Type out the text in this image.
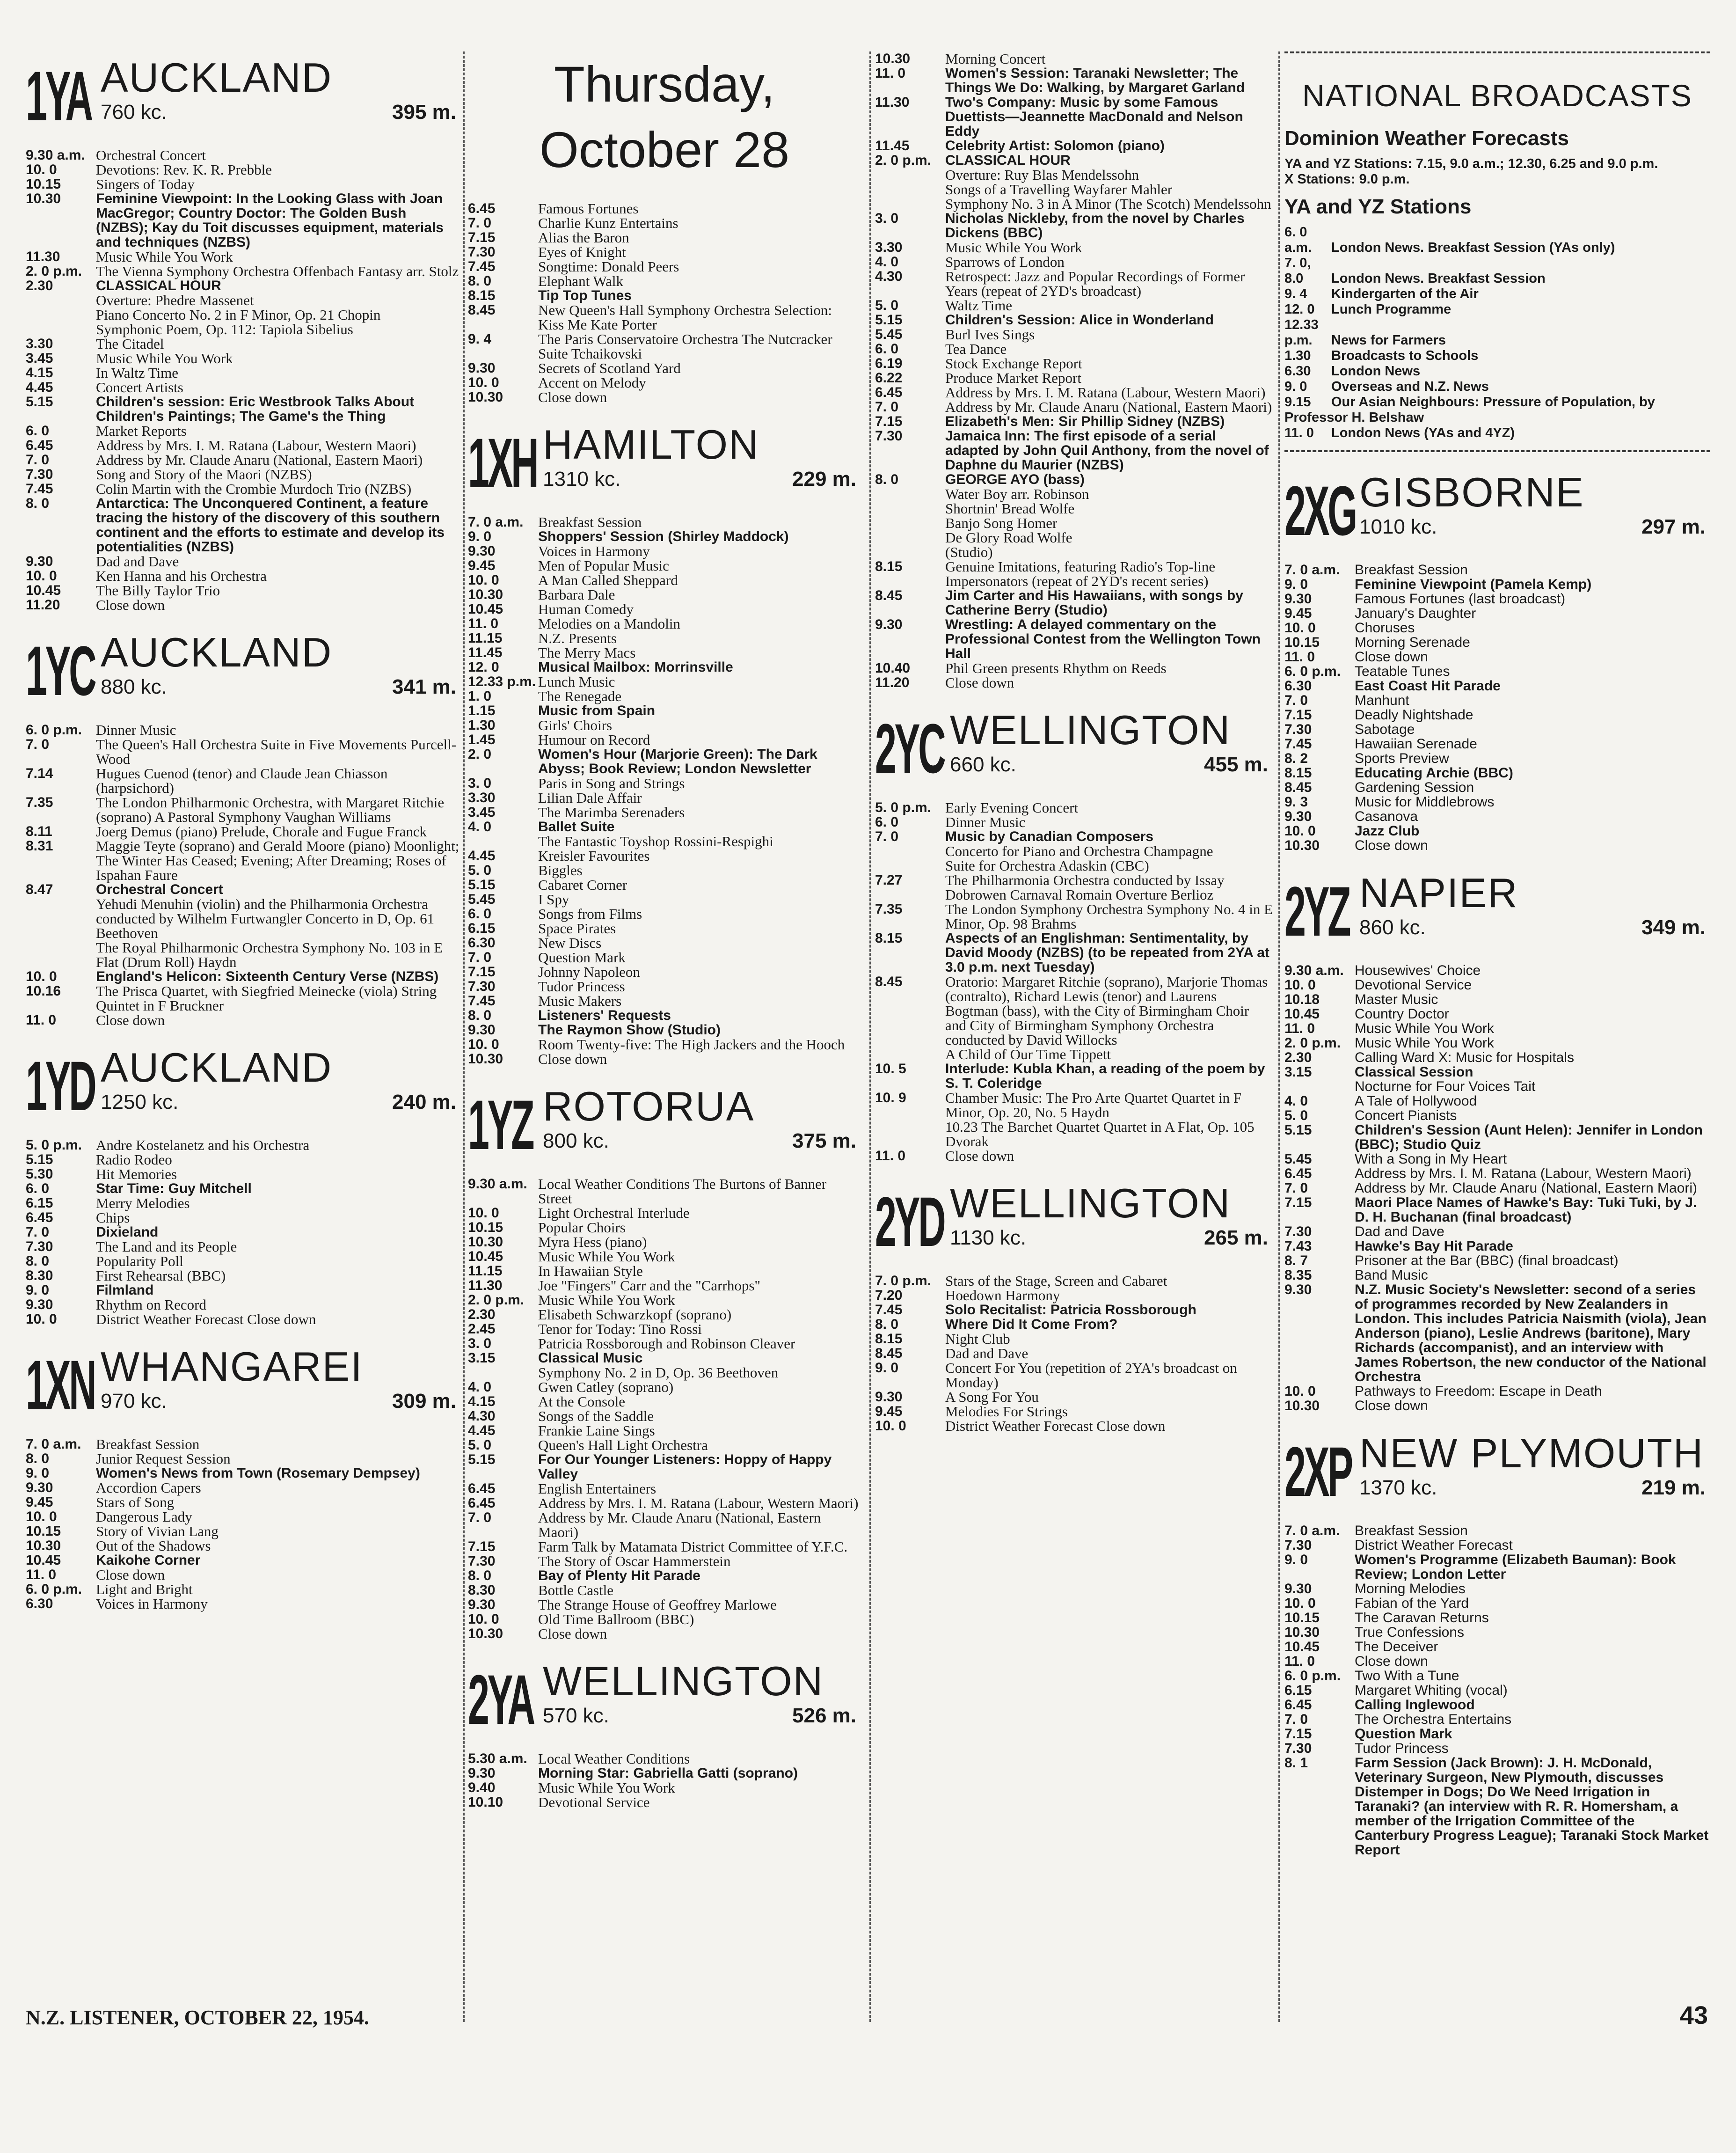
1YA AUCKLAND
760 kc.	395 m.
9.30 a.m. Orchestral Concert
10. 0	Devotions: Rev. K. R. Prebble
10.15	Singers of Today
10.30	Feminine Viewpoint: In the Looking Glass with Joan MacGregor; Country Doctor: The Golden Bush (NZBS); Kay du Toit discusses equipment, materials and techniques (NZBS)
11.30	Music While You Work
2. 0 p.m. The Vienna Symphony Orchestra Offenbach Fantasy arr. Stolz
2.30	CLASSICAL HOUR
Overture: Phedre Massenet
Piano Concerto No. 2 in F Minor, Op. 21 Chopin
Symphonic Poem, Op. 112: Tapiola Sibelius
3.30	The Citadel
3.45	Music While You Work
4.15	In Waltz Time
4.45	Concert Artists
5.15	Children's session: Eric Westbrook Talks About Children's Paintings; The Game's the Thing
6. 0	Market Reports
6.45	Address by Mrs. I. M. Ratana (Labour, Western Maori)
7. 0	Address by Mr. Claude Anaru (National, Eastern Maori)
7.30	Song and Story of the Maori (NZBS)
7.45	Colin Martin with the Crombie Murdoch Trio (NZBS)
8. 0	Antarctica: The Unconquered Continent, a feature tracing the history of the discovery of this southern continent and the efforts to estimate and develop its potentialities (NZBS)
9.30	Dad and Dave
10. 0	Ken Hanna and his Orchestra
10.45	The Billy Taylor Trio
11.20	Close down
1YC AUCKLAND
880 kc.	341 m.
6. 0 p.m. Dinner Music
7. 0	The Queen's Hall Orchestra Suite in Five Movements Purcell-Wood
7.14	Hugues Cuenod (tenor) and Claude Jean Chiasson (harpsichord)
7.35	The London Philharmonic Orchestra, with Margaret Ritchie (soprano) A Pastoral Symphony Vaughan Williams
8.11	Joerg Demus (piano) Prelude, Chorale and Fugue Franck
8.31	Maggie Teyte (soprano) and Gerald Moore (piano) Moonlight; The Winter Has Ceased; Evening; After Dreaming; Roses of Ispahan Faure
8.47	Orchestral Concert
Yehudi Menuhin (violin) and the Philharmonia Orchestra conducted by Wilhelm Furtwangler Concerto in D, Op. 61 Beethoven
The Royal Philharmonic Orchestra Symphony No. 103 in E Flat (Drum Roll) Haydn
10. 0	England's Helicon: Sixteenth Century Verse (NZBS)
10.16	The Prisca Quartet, with Siegfried Meinecke (viola) String Quintet in F Bruckner
11. 0	Close down
1YD AUCKLAND
1250 kc.	240 m.
5. 0 p.m. Andre Kostelanetz and his Orchestra
5.15	Radio Rodeo
5.30	Hit Memories
6. 0	Star Time: Guy Mitchell
6.15	Merry Melodies
6.45	Chips
7. 0	Dixieland
7.30	The Land and its People
8. 0	Popularity Poll
8.30	First Rehearsal (BBC)
9. 0	Filmland
9.30	Rhythm on Record
10. 0	District Weather Forecast Close down
1XN WHANGAREI
970 kc.	309 m.
7. 0 a.m.	Breakfast Session
8. 0	Junior Request Session
9. 0	Women's News from Town (Rosemary Dempsey)
9.30	Accordion Capers
9.45	Stars of Song
10. 0	Dangerous Lady
10.15	Story of Vivian Lang
10.30	Out of the Shadows
10.45	Kaikohe Corner
11. 0	Close down
6. 0 p.m. Light and Bright
6.30	Voices in Harmony
Thursday, October 28
6.45	Famous Fortunes
7. 0	Charlie Kunz Entertains
7.15	Alias the Baron
7.30	Eyes of Knight
7.45	Songtime: Donald Peers
8. 0	Elephant Walk
8.15	Tip Top Tunes
8.45	New Queen's Hall Symphony Orchestra Selection: Kiss Me Kate Porter
9. 4	The Paris Conservatoire Orchestra The Nutcracker Suite Tchaikovski
9.30	Secrets of Scotland Yard
10. 0	Accent on Melody
10.30	Close down
1XH HAMILTON
1310 kc.	229 m.
7. 0 a.m.	Breakfast Session
9. 0	Shoppers' Session (Shirley Maddock)
9.30	Voices in Harmony
9.45	Men of Popular Music
10. 0	A Man Called Sheppard
10.30	Barbara Dale
10.45	Human Comedy
11. 0	Melodies on a Mandolin
11.15	N.Z. Presents
11.45	The Merry Macs
12. 0	Musical Mailbox: Morrinsville
12.33 p.m. Lunch Music
1. 0	The Renegade
1.15	Music from Spain
1.30	Girls' Choirs
1.45	Humour on Record
2. 0	Women's Hour (Marjorie Green): The Dark Abyss; Book Review; London Newsletter
3. 0	Paris in Song and Strings
3.30	Lilian Dale Affair
3.45	The Marimba Serenaders
4. 0	Ballet Suite
The Fantastic Toyshop Rossini-Respighi
4.45	Kreisler Favourites
5. 0	Biggles
5.15	Cabaret Corner
5.45	I Spy
6. 0	Songs from Films
6.15	Space Pirates
6.30	New Discs
7. 0	Question Mark
7.15	Johnny Napoleon
7.30	Tudor Princess
7.45	Music Makers
8. 0	Listeners' Requests
9.30	The Raymon Show (Studio)
10. 0	Room Twenty-five: The High Jackers and the Hooch
10.30	Close down
1YZ ROTORUA
800 kc.	375 m.
9.30 a.m. Local Weather Conditions The Burtons of Banner Street
10. 0	Light Orchestral Interlude
10.15	Popular Choirs
10.30	Myra Hess (piano)
10.45	Music While You Work
11.15	In Hawaiian Style
11.30	Joe "Fingers" Carr and the "Carrhops"
2. 0 p.m. Music While You Work
2.30	Elisabeth Schwarzkopf (soprano)
2.45	Tenor for Today: Tino Rossi
3. 0	Patricia Rossborough and Robinson Cleaver
3.15	Classical Music
Symphony No. 2 in D, Op. 36 Beethoven
4. 0	Gwen Catley (soprano)
4.15	At the Console
4.30	Songs of the Saddle
4.45	Frankie Laine Sings
5. 0	Queen's Hall Light Orchestra
5.15	For Our Younger Listeners: Hoppy of Happy Valley
6.45	English Entertainers
6.45	Address by Mrs. I. M. Ratana (Labour, Western Maori)
7. 0	Address by Mr. Claude Anaru (National, Eastern Maori)
7.15	Farm Talk by Matamata District Committee of Y.F.C.
7.30	The Story of Oscar Hammerstein
8. 0	Bay of Plenty Hit Parade
8.30	Bottle Castle
9.30	The Strange House of Geoffrey Marlowe
10. 0	Old Time Ballroom (BBC)
10.30	Close down
2YA WELLINGTON
570 kc.	526 m.
5.30 a.m. Local Weather Conditions
9.30	Morning Star: Gabriella Gatti (soprano)
9.40	Music While You Work
10.10	Devotional Service
10.30	Morning Concert
11. 0	Women's Session: Taranaki Newsletter; The Things We Do: Walking, by Margaret Garland
11.30	Two's Company: Music by some Famous Duettists—Jeannette MacDonald and Nelson Eddy
11.45	Celebrity Artist: Solomon (piano)
2. 0 p.m. CLASSICAL HOUR
Overture: Ruy Blas Mendelssohn
Songs of a Travelling Wayfarer Mahler
Symphony No. 3 in A Minor (The Scotch) Mendelssohn
3. 0	Nicholas Nickleby, from the novel by Charles Dickens (BBC)
3.30	Music While You Work
4. 0	Sparrows of London
4.30	Retrospect: Jazz and Popular Recordings of Former Years (repeat of 2YD's broadcast)
5. 0	Waltz Time
5.15	Children's Session: Alice in Wonderland
5.45	Burl Ives Sings
6. 0	Tea Dance
6.19	Stock Exchange Report
6.22	Produce Market Report
6.45	Address by Mrs. I. M. Ratana (Labour, Western Maori)
7. 0	Address by Mr. Claude Anaru (National, Eastern Maori)
7.15	Elizabeth's Men: Sir Phillip Sidney (NZBS)
7.30	Jamaica Inn: The first episode of a serial adapted by John Quil Anthony, from the novel of Daphne du Maurier (NZBS)
8. 0	GEORGE AYO (bass)
Water Boy arr. Robinson
Shortnin' Bread Wolfe
Banjo Song Homer
De Glory Road Wolfe
(Studio)
8.15	Genuine Imitations, featuring Radio's Top-line Impersonators (repeat of 2YD's recent series)
8.45	Jim Carter and His Hawaiians, with songs by Catherine Berry (Studio)
9.30	Wrestling: A delayed commentary on the Professional Contest from the Wellington Town Hall
10.40	Phil Green presents Rhythm on Reeds
11.20	Close down
2YC WELLINGTON
660 kc.	455 m.
5. 0 p.m. Early Evening Concert
6. 0	Dinner Music
7. 0	Music by Canadian Composers
Concerto for Piano and Orchestra Champagne
Suite for Orchestra Adaskin (CBC)
7.27	The Philharmonia Orchestra conducted by Issay Dobrowen Carnaval Romain Overture Berlioz
7.35	The London Symphony Orchestra Symphony No. 4 in E Minor, Op. 98 Brahms
8.15	Aspects of an Englishman: Sentimentality, by David Moody (NZBS) (to be repeated from 2YA at 3.0 p.m. next Tuesday)
8.45	Oratorio: Margaret Ritchie (soprano), Marjorie Thomas (contralto), Richard Lewis (tenor) and Laurens Bogtman (bass), with the City of Birmingham Choir and City of Birmingham Symphony Orchestra conducted by David Willocks
A Child of Our Time Tippett
10. 5	Interlude: Kubla Khan, a reading of the poem by S. T. Coleridge
10. 9	Chamber Music: The Pro Arte Quartet Quartet in F Minor, Op. 20, No. 5 Haydn
10.23 The Barchet Quartet Quartet in A Flat, Op. 105 Dvorak
11. 0	Close down
2YD WELLINGTON
1130 kc.	265 m.
7. 0 p.m. Stars of the Stage, Screen and Cabaret
7.20	Hoedown Harmony
7.45	Solo Recitalist: Patricia Rossborough
8. 0	Where Did It Come From?
8.15	Night Club
8.45	Dad and Dave
9. 0	Concert For You (repetition of 2YA's broadcast on Monday)
9.30	A Song For You
9.45	Melodies For Strings
10. 0	District Weather Forecast Close down
NATIONAL BROADCASTS
Dominion Weather Forecasts
YA and YZ Stations: 7.15, 9.0 a.m.; 12.30, 6.25 and 9.0 p.m.
X Stations: 9.0 p.m.
YA and YZ Stations
6. 0 a.m. London News. Breakfast Session (YAs only)
7. 0, 8.0 London News. Breakfast Session
9. 4 Kindergarten of the Air
12. 0 Lunch Programme
12.33 p.m. News for Farmers
1.30 Broadcasts to Schools
6.30 London News
9. 0 Overseas and N.Z. News
9.15 Our Asian Neighbours: Pressure of Population, by Professor H. Belshaw
11. 0 London News (YAs and 4YZ)
2XG GISBORNE
1010 kc.	297 m.
7. 0 a.m.	Breakfast Session
9. 0	Feminine Viewpoint (Pamela Kemp)
9.30	Famous Fortunes (last broadcast)
9.45	January's Daughter
10. 0	Choruses
10.15	Morning Serenade
11. 0	Close down
6. 0 p.m. Teatable Tunes
6.30	East Coast Hit Parade
7. 0	Manhunt
7.15	Deadly Nightshade
7.30	Sabotage
7.45	Hawaiian Serenade
8. 2	Sports Preview
8.15	Educating Archie (BBC)
8.45	Gardening Session
9. 3	Music for Middlebrows
9.30	Casanova
10. 0	Jazz Club
10.30	Close down
2YZ NAPIER
860 kc.	349 m.
9.30 a.m. Housewives' Choice
10. 0	Devotional Service
10.18	Master Music
10.45	Country Doctor
11. 0	Music While You Work
2. 0 p.m. Music While You Work
2.30	Calling Ward X: Music for Hospitals
3.15	Classical Session
Nocturne for Four Voices Tait
4. 0	A Tale of Hollywood
5. 0	Concert Pianists
5.15	Children's Session (Aunt Helen): Jennifer in London (BBC); Studio Quiz
5.45	With a Song in My Heart
6.45	Address by Mrs. I. M. Ratana (Labour, Western Maori)
7. 0	Address by Mr. Claude Anaru (National, Eastern Maori)
7.15	Maori Place Names of Hawke's Bay: Tuki Tuki, by J. D. H. Buchanan (final broadcast)
7.30	Dad and Dave
7.43	Hawke's Bay Hit Parade
8. 7	Prisoner at the Bar (BBC) (final broadcast)
8.35	Band Music
9.30	N.Z. Music Society's Newsletter: second of a series of programmes recorded by New Zealanders in London. This includes Patricia Naismith (viola), Jean Anderson (piano), Leslie Andrews (baritone), Mary Richards (accompanist), and an interview with James Robertson, the new conductor of the National Orchestra
10. 0	Pathways to Freedom: Escape in Death
10.30	Close down
2XP NEW PLYMOUTH
1370 kc.	219 m.
7. 0 a.m.	Breakfast Session
7.30	District Weather Forecast
9. 0	Women's Programme (Elizabeth Bauman): Book Review; London Letter
9.30	Morning Melodies
10. 0	Fabian of the Yard
10.15	The Caravan Returns
10.30	True Confessions
10.45	The Deceiver
11. 0	Close down
6. 0 p.m. Two With a Tune
6.15	Margaret Whiting (vocal)
6.45	Calling Inglewood
7. 0	The Orchestra Entertains
7.15	Question Mark
7.30	Tudor Princess
8. 1	Farm Session (Jack Brown): J. H. McDonald, Veterinary Surgeon, New Plymouth, discusses Distemper in Dogs; Do We Need Irrigation in Taranaki? (an interview with R. R. Homersham, a member of the Irrigation Committee of the Canterbury Progress League); Taranaki Stock Market Report
N.Z. LISTENER, OCTOBER 22, 1954.	43
